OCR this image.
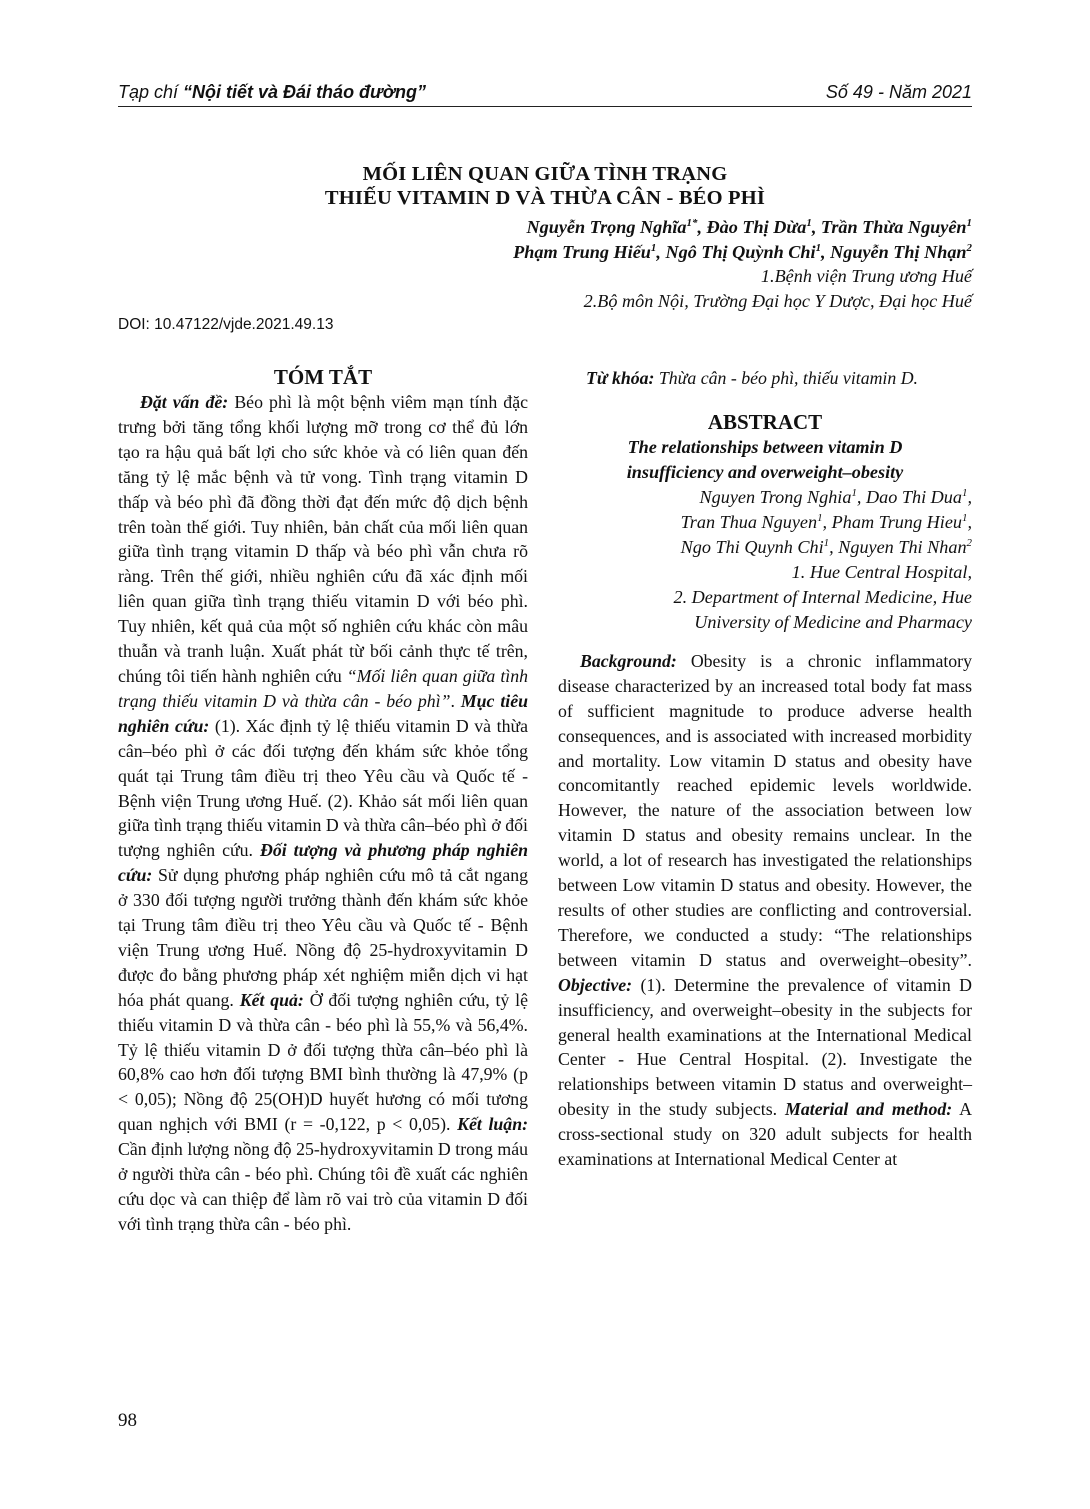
Tạp chí “Nội tiết và Đái tháo đường”	Số 49 - Năm 2021
MỐI LIÊN QUAN GIỮA TÌNH TRẠNG
THIẾU VITAMIN D VÀ THỪA CÂN - BÉO PHÌ
Nguyễn Trọng Nghĩa$^{1*}$, Đào Thị Dừa$^1$, Trần Thừa Nguyên$^1$
Phạm Trung Hiếu$^1$, Ngô Thị Quỳnh Chi$^1$, Nguyễn Thị Nhạn$^2$
1.Bệnh viện Trung ương Huế
2.Bộ môn Nội, Trường Đại học Y Dược, Đại học Huế
DOI: 10.47122/vjde.2021.49.13
TÓM TẮT

Đặt vấn đề: Béo phì là một bệnh viêm mạn tính đặc trưng bởi tăng tổng khối lượng mỡ trong cơ thể đủ lớn tạo ra hậu quả bất lợi cho sức khỏe và có liên quan đến tăng tỷ lệ mắc bệnh và tử vong. Tình trạng vitamin D thấp và béo phì đã đồng thời đạt đến mức độ dịch bệnh trên toàn thế giới. Tuy nhiên, bản chất của mối liên quan giữa tình trạng vitamin D thấp và béo phì vẫn chưa rõ ràng. Trên thế giới, nhiều nghiên cứu đã xác định mối liên quan giữa tình trạng thiếu vitamin D với béo phì. Tuy nhiên, kết quả của một số nghiên cứu khác còn mâu thuẫn và tranh luận. Xuất phát từ bối cảnh thực tế trên, chúng tôi tiến hành nghiên cứu “Mối liên quan giữa tình trạng thiếu vitamin D và thừa cân - béo phì”. Mục tiêu nghiên cứu: (1). Xác định tỷ lệ thiếu vitamin D và thừa cân–béo phì ở các đối tượng đến khám sức khỏe tổng quát tại Trung tâm điều trị theo Yêu cầu và Quốc tế - Bệnh viện Trung ương Huế. (2). Khảo sát mối liên quan giữa tình trạng thiếu vitamin D và thừa cân–béo phì ở đối tượng nghiên cứu. Đối tượng và phương pháp nghiên cứu: Sử dụng phương pháp nghiên cứu mô tả cắt ngang ở 330 đối tượng người trưởng thành đến khám sức khỏe tại Trung tâm điều trị theo Yêu cầu và Quốc tế - Bệnh viện Trung ương Huế. Nồng độ 25-hydroxyvitamin D được đo bằng phương pháp xét nghiệm miễn dịch vi hạt hóa phát quang. Kết quả: Ở đối tượng nghiên cứu, tỷ lệ thiếu vitamin D và thừa cân - béo phì là 55,% và 56,4%. Tỷ lệ thiếu vitamin D ở đối tượng thừa cân–béo phì là 60,8% cao hơn đối tượng BMI bình thường là 47,9% (p < 0,05); Nồng độ 25(OH)D huyết hương có mối tương quan nghịch với BMI (r = -0,122, p < 0,05). Kết luận: Cần định lượng nồng độ 25-hydroxyvitamin D trong máu ở người thừa cân - béo phì. Chúng tôi đề xuất các nghiên cứu dọc và can thiệp để làm rõ vai trò của vitamin D đối với tình trạng thừa cân - béo phì.

Từ khóa: Thừa cân - béo phì, thiếu vitamin D.

ABSTRACT

The relationships between vitamin D
insufficiency and overweight–obesity

Nguyen Trong Nghia$^1$, Dao Thi Dua$^1$,
Tran Thua Nguyen$^1$, Pham Trung Hieu$^1$,
Ngo Thi Quynh Chi$^1$, Nguyen Thi Nhan$^2$
1. Hue Central Hospital,
2. Department of Internal Medicine, Hue
University of Medicine and Pharmacy

Background: Obesity is a chronic inflammatory disease characterized by an increased total body fat mass of sufficient magnitude to produce adverse health consequences, and is associated with increased morbidity and mortality. Low vitamin D status and obesity have concomitantly reached epidemic levels worldwide. However, the nature of the association between low vitamin D status and obesity remains unclear. In the world, a lot of research has investigated the relationships between Low vitamin D status and obesity. However, the results of other studies are conflicting and controversial. Therefore, we conducted a study: “The relationships between vitamin D status and overweight–obesity”. Objective: (1). Determine the prevalence of vitamin D insufficiency, and overweight–obesity in the subjects for general health examinations at the International Medical Center - Hue Central Hospital. (2). Investigate the relationships between vitamin D status and overweight–obesity in the study subjects. Material and method: A cross-sectional study on 320 adult subjects for health examinations at International Medical Center at

98
